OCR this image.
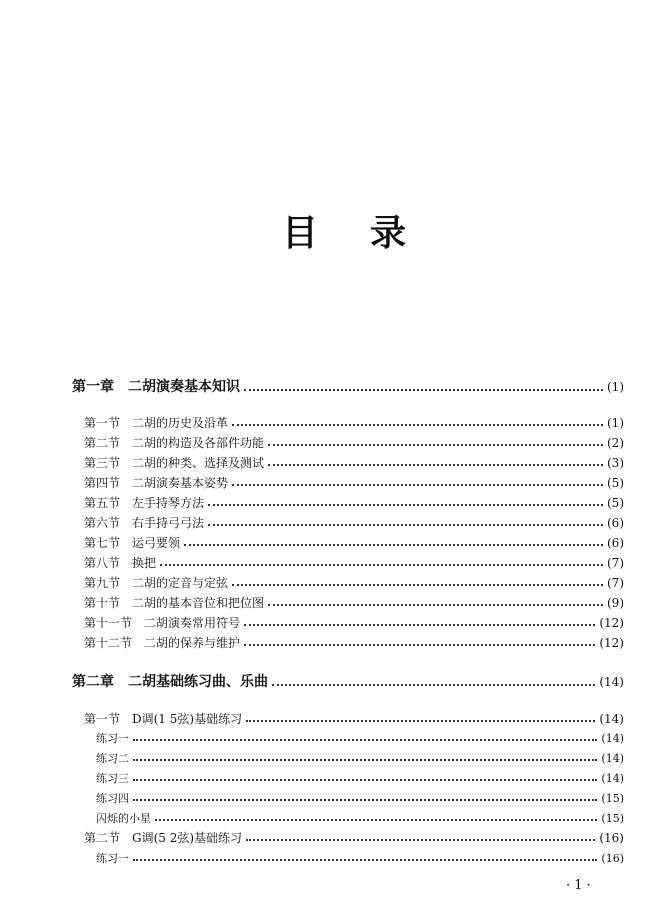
目 录
第一章　二胡演奏基本知识	(1)
第一节　二胡的历史及沿革	(1)
第二节　二胡的构造及各部件功能	(2)
第三节　二胡的种类、选择及测试	(3)
第四节　二胡演奏基本姿势	(5)
第五节　左手持琴方法	(5)
第六节　右手持弓弓法	(6)
第七节　运弓要领	(6)
第八节　换把	(7)
第九节　二胡的定音与定弦	(7)
第十节　二胡的基本音位和把位图	(9)
第十一节　二胡演奏常用符号	(12)
第十二节　二胡的保养与维护	(12)
第二章　二胡基础练习曲、乐曲	(14)
第一节　D调(1 5弦)基础练习	(14)
练习一	(14)
练习二	(14)
练习三	(14)
练习四	(15)
闪烁的小星	(15)
第二节　G调(5 2弦)基础练习	(16)
练习一	(16)
· 1 ·
